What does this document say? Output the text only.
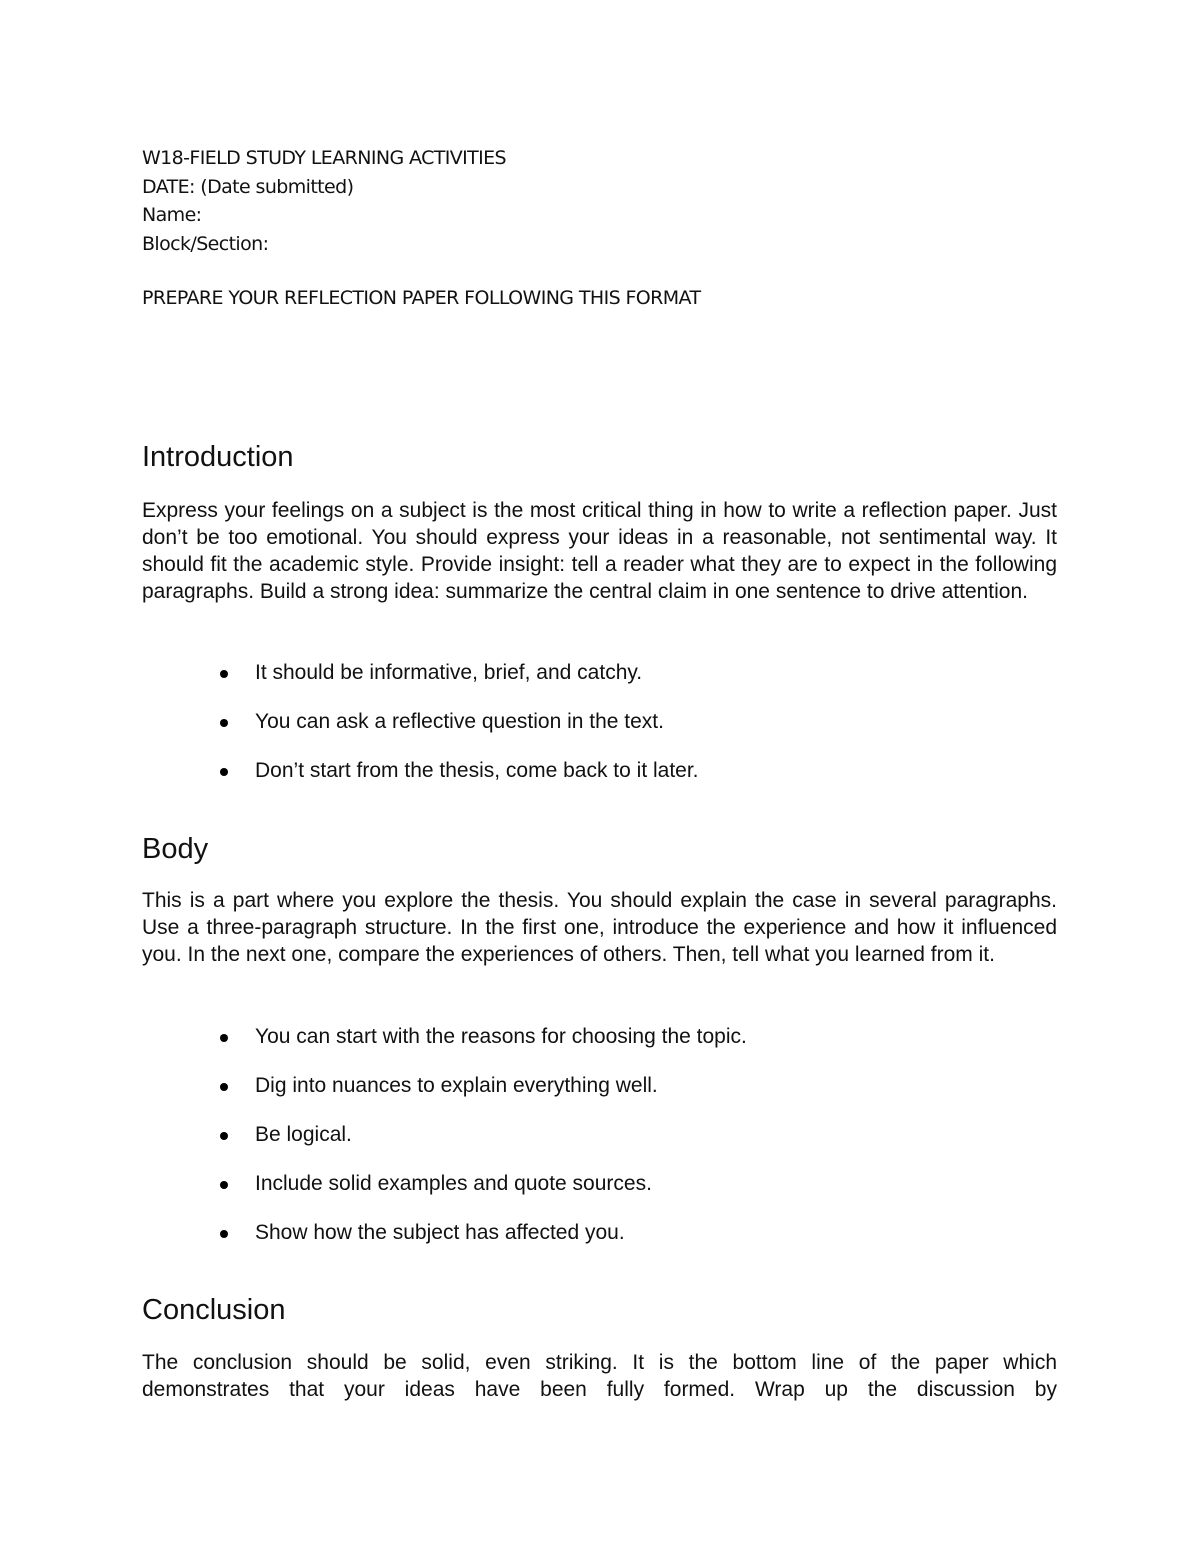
W18-FIELD STUDY LEARNING ACTIVITIES
DATE: (Date submitted)
Name:
Block/Section:
PREPARE YOUR REFLECTION PAPER FOLLOWING THIS FORMAT
Introduction

Express your feelings on a subject is the most critical thing in how to write a reflection paper. Just don’t be too emotional. You should express your ideas in a reasonable, not sentimental way. It should fit the academic style. Provide insight: tell a reader what they are to expect in the following paragraphs. Build a strong idea: summarize the central claim in one sentence to drive attention.

It should be informative, brief, and catchy.
You can ask a reflective question in the text.
Don’t start from the thesis, come back to it later.
Body

This is a part where you explore the thesis. You should explain the case in several paragraphs. Use a three-paragraph structure. In the first one, introduce the experience and how it influenced you. In the next one, compare the experiences of others. Then, tell what you learned from it.

You can start with the reasons for choosing the topic.
Dig into nuances to explain everything well.
Be logical.
Include solid examples and quote sources.
Show how the subject has affected you.
Conclusion

The conclusion should be solid, even striking. It is the bottom line of the paper which demonstrates that your ideas have been fully formed. Wrap up the discussion by
